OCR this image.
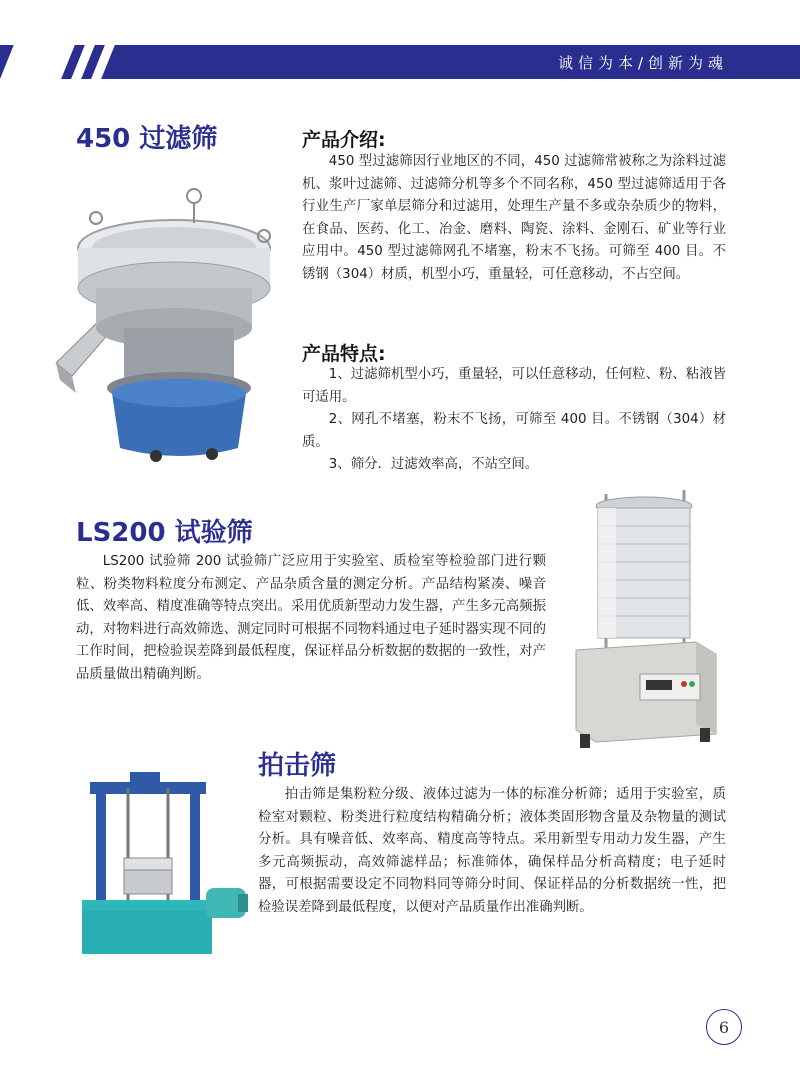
诚信为本/创新为魂
450 过滤筛	产品介绍:

450 型过滤筛因行业地区的不同，450 过滤筛常被称之为涂料过滤机、浆叶过滤筛、过滤筛分机等多个不同名称，450 型过滤筛适用于各行业生产厂家单层筛分和过滤用，处理生产量不多或杂杂质少的物料，在食品、医药、化工、冶金、磨料、陶瓷、涂料、金刚石、矿业等行业应用中。450 型过滤筛网孔不堵塞，粉末不飞扬。可筛至 400 目。不锈钢（304）材质，机型小巧，重量轻，可任意移动，不占空间。

产品特点:

1、过滤筛机型小巧，重量轻，可以任意移动，任何粒、粉、粘液皆可适用。

2、网孔不堵塞，粉末不飞扬，可筛至 400 目。不锈钢（304）材质。

3、筛分．过滤效率高，不站空间。

LS200 试验筛

LS200 试验筛 200 试验筛广泛应用于实验室、质检室等检验部门进行颗粒、粉类物料粒度分布测定、产品杂质含量的测定分析。产品结构紧凑、噪音低、效率高、精度准确等特点突出。采用优质新型动力发生器，产生多元高频振动，对物料进行高效筛选、测定同时可根据不同物料通过电子延时器实现不同的工作时间，把检验误差降到最低程度，保证样品分析数据的数据的一致性，对产品质量做出精确判断。

拍击筛

拍击筛是集粉粒分级、液体过滤为一体的标准分析筛；适用于实验室，质检室对颗粒、粉类进行粒度结构精确分析；液体类固形物含量及杂物量的测试分析。具有噪音低、效率高、精度高等特点。采用新型专用动力发生器，产生多元高频振动，高效筛滤样品；标准筛体，确保样品分析高精度；电子延时器，可根据需要设定不同物料同等筛分时间、保证样品的分析数据统一性，把检验误差降到最低程度，以便对产品质量作出准确判断。

6
